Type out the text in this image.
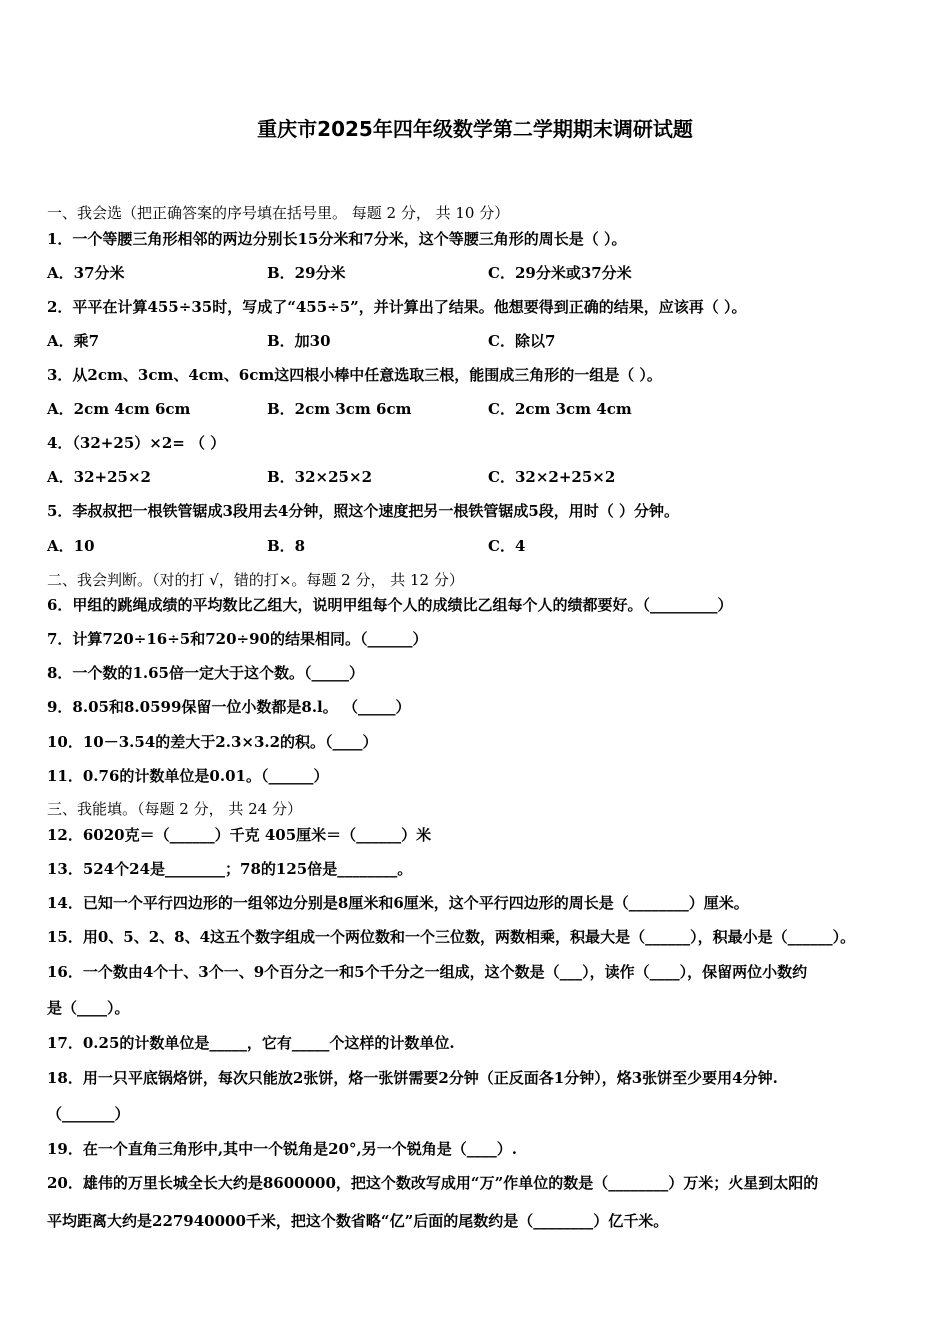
重庆市2025年四年级数学第二学期期末调研试题
一、我会选（把正确答案的序号填在括号里。 每题 2 分， 共 10 分）
1．一个等腰三角形相邻的两边分别长15分米和7分米，这个等腰三角形的周长是（ ）。
A．37分米	B．29分米	C．29分米或37分米
2．平平在计算455÷35时，写成了“455÷5”，并计算出了结果。他想要得到正确的结果，应该再（ ）。
A．乘7	B．加30	C．除以7
3．从2cm、3cm、4cm、6cm这四根小棒中任意选取三根，能围成三角形的一组是（ ）。
A．2cm 4cm 6cm	B．2cm 3cm 6cm	C．2cm 3cm 4cm
4．（32+25）×2= （ ）
A．32+25×2	B．32×25×2	C．32×2+25×2
5．李叔叔把一根铁管锯成3段用去4分钟，照这个速度把另一根铁管锯成5段，用时（ ）分钟。
A．10	B．8	C．4
二、我会判断。（对的打 √，错的打×。每题 2 分， 共 12 分）
6．甲组的跳绳成绩的平均数比乙组大，说明甲组每个人的成绩比乙组每个人的绩都要好。（_________）
7．计算720÷16÷5和720÷90的结果相同。（______）
8．一个数的1.65倍一定大于这个数。（_____）
9．8.05和8.0599保留一位小数都是8.l。 （_____）
10．10－3.54的差大于2.3×3.2的积。（____）
11．0.76的计数单位是0.01。（______）
三、我能填。（每题 2 分， 共 24 分）
12．6020克＝（______）千克 405厘米＝（______）米
13．524个24是________；78的125倍是________。
14．已知一个平行四边形的一组邻边分别是8厘米和6厘米，这个平行四边形的周长是（________）厘米。
15．用0、5、2、8、4这五个数字组成一个两位数和一个三位数，两数相乘，积最大是（______），积最小是（______）。
16．一个数由4个十、3个一、9个百分之一和5个千分之一组成，这个数是（___），读作（____），保留两位小数约
是（____）。
17．0.25的计数单位是_____，它有_____个这样的计数单位.
18．用一只平底锅烙饼，每次只能放2张饼，烙一张饼需要2分钟（正反面各1分钟），烙3张饼至少要用4分钟.
（_______）
19．在一个直角三角形中,其中一个锐角是20°,另一个锐角是（____）.
20．雄伟的万里长城全长大约是8600000，把这个数改写成用“万”作单位的数是（________）万米；火星到太阳的
平均距离大约是227940000千米，把这个数省略“亿”后面的尾数约是（________）亿千米。
